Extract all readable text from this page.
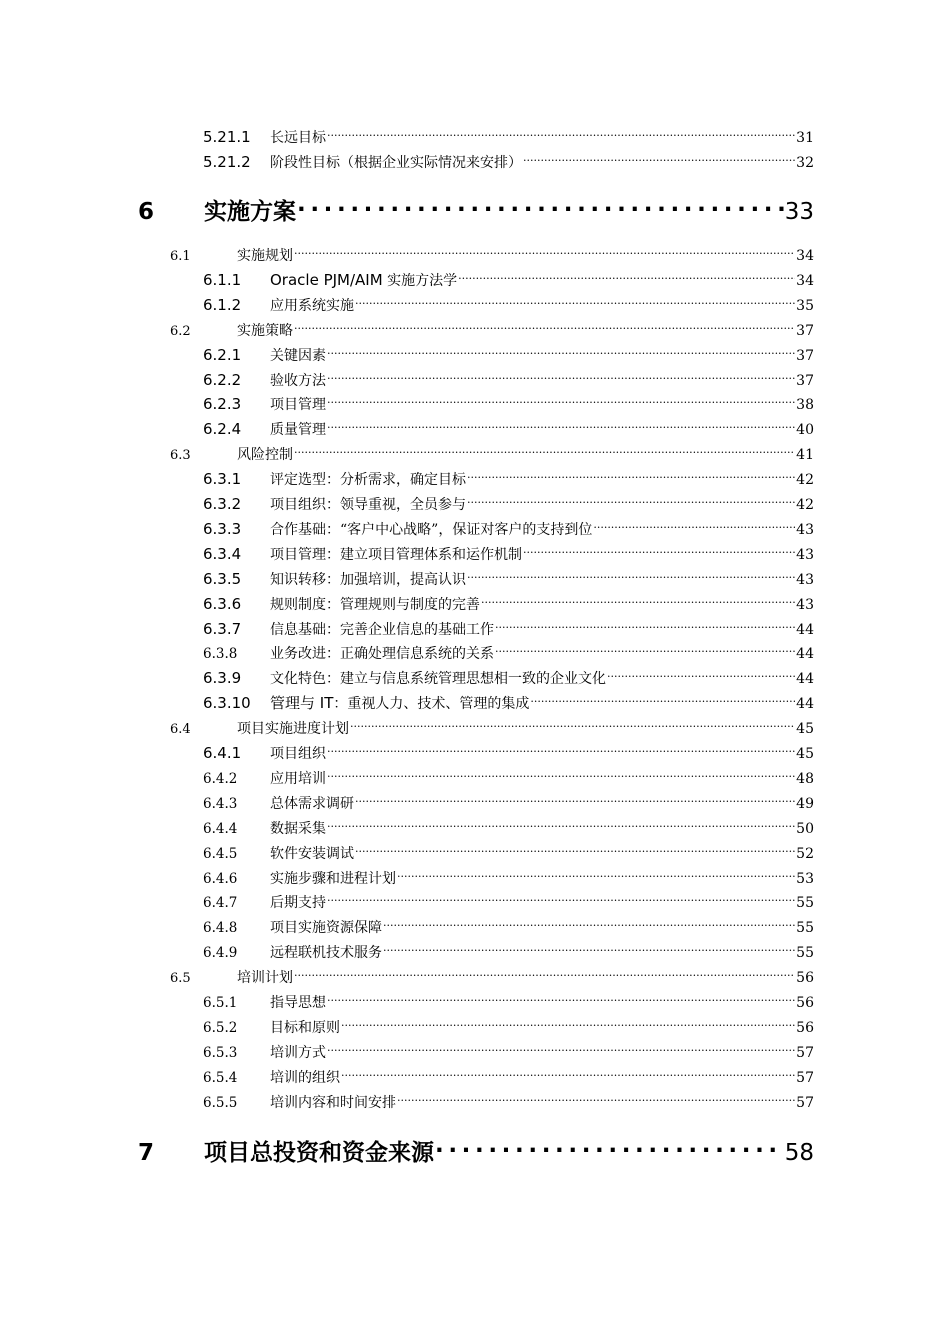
5.21.1	长远目标 .....	31
5.21.2	阶段性目标（根据企业实际情况来安排） .....	32
6	实施方案 .....	33
6.1	实施规划 .....	34
6.1.1	Oracle PJM/AIM 实施方法学 .....	34
6.1.2	应用系统实施 .....	35
6.2	实施策略 .....	37
6.2.1	关键因素 .....	37
6.2.2	验收方法 .....	37
6.2.3	项目管理 .....	38
6.2.4	质量管理 .....	40
6.3	风险控制 .....	41
6.3.1	评定选型：分析需求，确定目标 .....	42
6.3.2	项目组织：领导重视，全员参与 .....	42
6.3.3	合作基础：“客户中心战略”，保证对客户的支持到位 .....	43
6.3.4	项目管理：建立项目管理体系和运作机制 .....	43
6.3.5	知识转移：加强培训，提高认识 .....	43
6.3.6	规则制度：管理规则与制度的完善 .....	43
6.3.7	信息基础：完善企业信息的基础工作 .....	44
6.3.8	业务改进：正确处理信息系统的关系 .....	44
6.3.9	文化特色：建立与信息系统管理思想相一致的企业文化 .....	44
6.3.10	管理与 IT：重视人力、技术、管理的集成 .....	44
6.4	项目实施进度计划 .....	45
6.4.1	项目组织 .....	45
6.4.2	应用培训 .....	48
6.4.3	总体需求调研 .....	49
6.4.4	数据采集 .....	50
6.4.5	软件安装调试 .....	52
6.4.6	实施步骤和进程计划 .....	53
6.4.7	后期支持 .....	55
6.4.8	项目实施资源保障 .....	55
6.4.9	远程联机技术服务 .....	55
6.5	培训计划 .....	56
6.5.1	指导思想 .....	56
6.5.2	目标和原则 .....	56
6.5.3	培训方式 .....	57
6.5.4	培训的组织 .....	57
6.5.5	培训内容和时间安排 .....	57
7	项目总投资和资金来源 .....	58
